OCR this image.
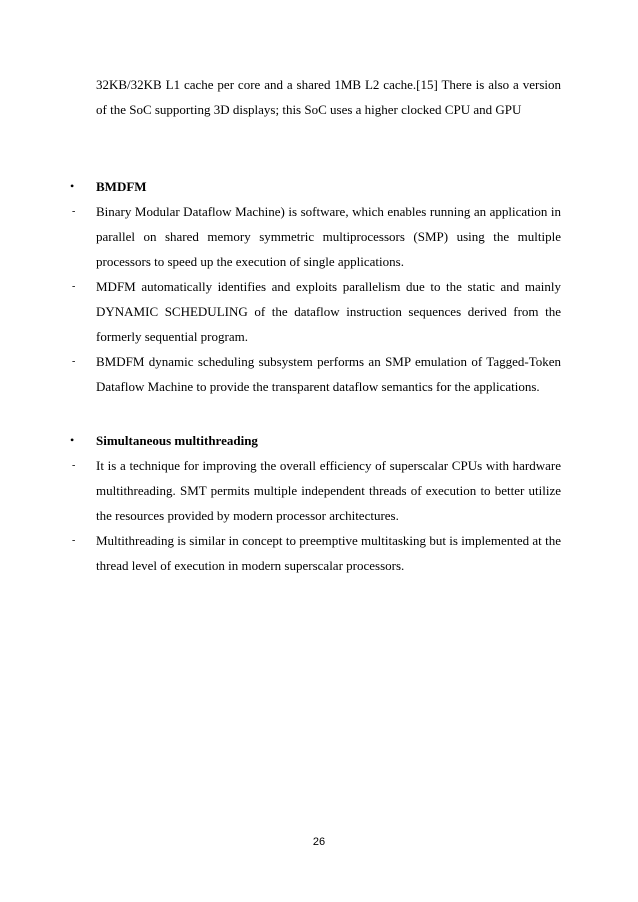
32KB/32KB L1 cache per core and a shared 1MB L2 cache.[15] There is also a version of the SoC supporting 3D displays; this SoC uses a higher clocked CPU and GPU
• BMDFM
- Binary Modular Dataflow Machine) is software, which enables running an application in parallel on shared memory symmetric multiprocessors (SMP) using the multiple processors to speed up the execution of single applications.
- MDFM automatically identifies and exploits parallelism due to the static and mainly DYNAMIC SCHEDULING of the dataflow instruction sequences derived from the formerly sequential program.
- BMDFM dynamic scheduling subsystem performs an SMP emulation of Tagged-Token Dataflow Machine to provide the transparent dataflow semantics for the applications.
• Simultaneous multithreading
- It is a technique for improving the overall efficiency of superscalar CPUs with hardware multithreading. SMT permits multiple independent threads of execution to better utilize the resources provided by modern processor architectures.
- Multithreading is similar in concept to preemptive multitasking but is implemented at the thread level of execution in modern superscalar processors.
26
